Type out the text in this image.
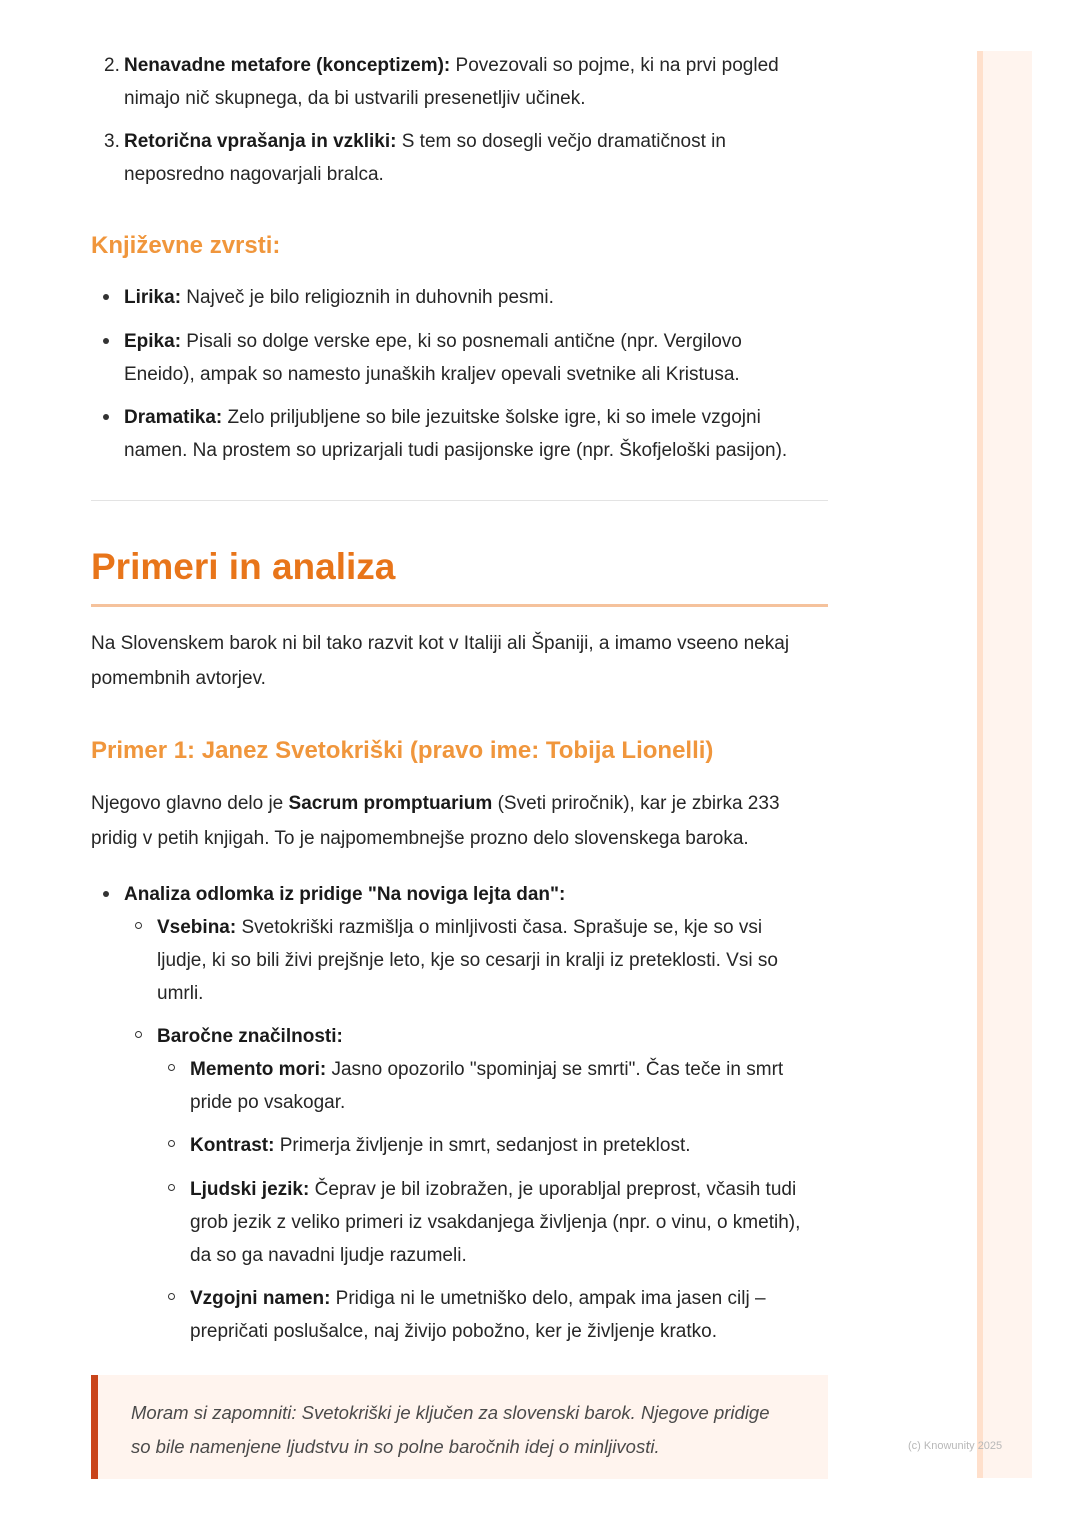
(c) Knowunity 2025
2. Nenavadne metafore (konceptizem): Povezovali so pojme, ki na prvi pogled

nimajo nič skupnega, da bi ustvarili presenetljiv učinek.

3. Retorična vprašanja in vzkliki: S tem so dosegli večjo dramatičnost in

neposredno nagovarjali bralca.

Književne zvrsti:

Lirika: Največ je bilo religioznih in duhovnih pesmi.

Epika: Pisali so dolge verske epe, ki so posnemali antične (npr. Vergilovo

Eneido), ampak so namesto junaških kraljev opevali svetnike ali Kristusa.

Dramatika: Zelo priljubljene so bile jezuitske šolske igre, ki so imele vzgojni

namen. Na prostem so uprizarjali tudi pasijonske igre (npr. Škofjeloški pasijon).

Primeri in analiza

Na Slovenskem barok ni bil tako razvit kot v Italiji ali Španiji, a imamo vseeno nekaj

pomembnih avtorjev.

Primer 1: Janez Svetokriški (pravo ime: Tobija Lionelli)

Njegovo glavno delo je Sacrum promptuarium (Sveti priročnik), kar je zbirka 233

pridig v petih knjigah. To je najpomembnejše prozno delo slovenskega baroka.

Analiza odlomka iz pridige "Na noviga lejta dan":

Vsebina: Svetokriški razmišlja o minljivosti časa. Sprašuje se, kje so vsi

ljudje, ki so bili živi prejšnje leto, kje so cesarji in kralji iz preteklosti. Vsi so

umrli.

Baročne značilnosti:

Memento mori: Jasno opozorilo "spominjaj se smrti". Čas teče in smrt

pride po vsakogar.

Kontrast: Primerja življenje in smrt, sedanjost in preteklost.

Ljudski jezik: Čeprav je bil izobražen, je uporabljal preprost, včasih tudi

grob jezik z veliko primeri iz vsakdanjega življenja (npr. o vinu, o kmetih),

da so ga navadni ljudje razumeli.

Vzgojni namen: Pridiga ni le umetniško delo, ampak ima jasen cilj –

prepričati poslušalce, naj živijo pobožno, ker je življenje kratko.

Moram si zapomniti: Svetokriški je ključen za slovenski barok. Njegove pridige

so bile namenjene ljudstvu in so polne baročnih idej o minljivosti.
